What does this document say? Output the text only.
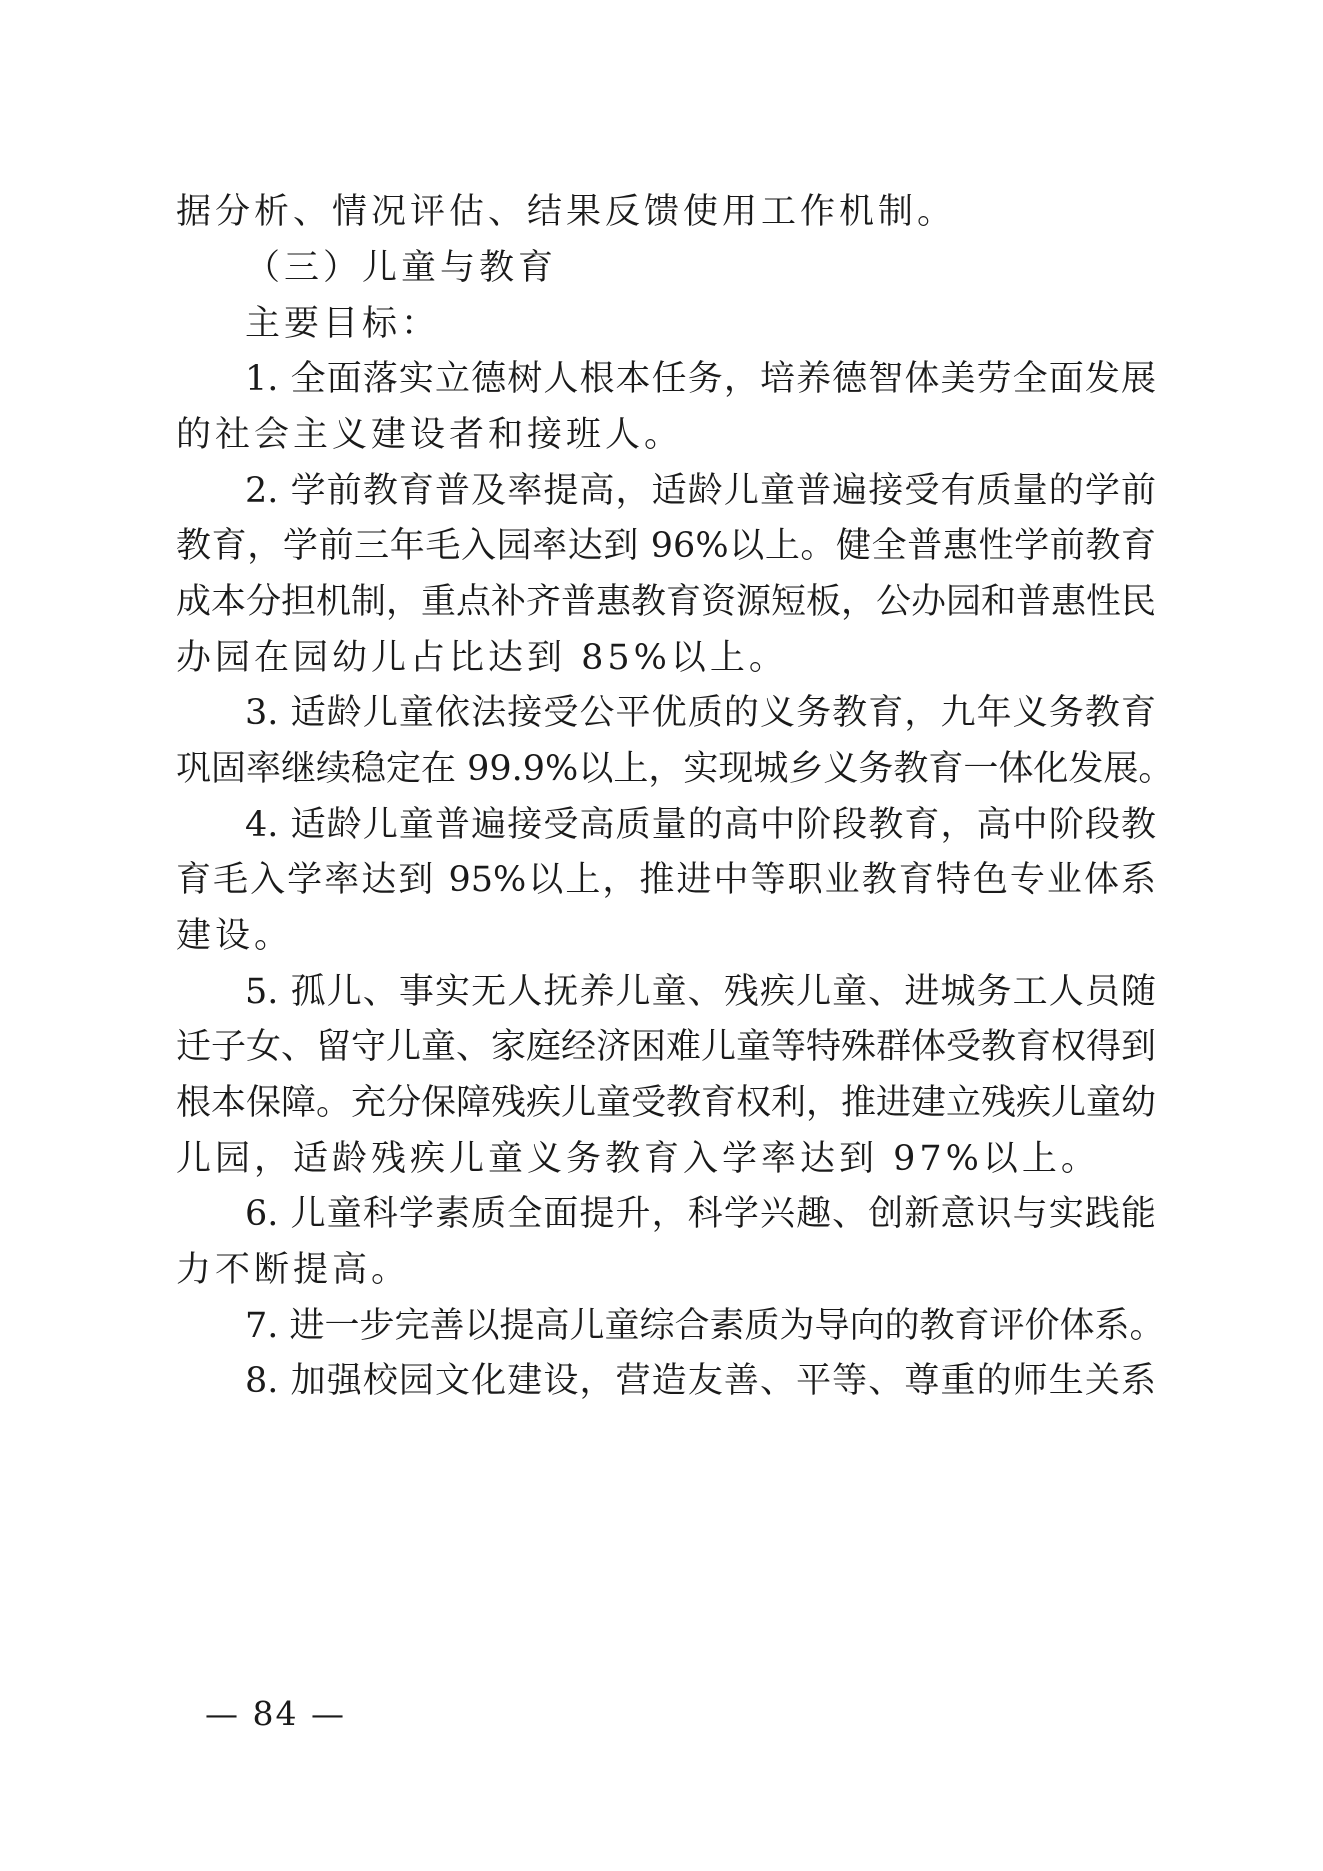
据分析、情况评估、结果反馈使用工作机制。
（三）儿童与教育
主要目标：
1. 全面落实立德树人根本任务，培养德智体美劳全面发展
的社会主义建设者和接班人。
2. 学前教育普及率提高，适龄儿童普遍接受有质量的学前
教育，学前三年毛入园率达到 96%以上。健全普惠性学前教育
成本分担机制，重点补齐普惠教育资源短板，公办园和普惠性民
办园在园幼儿占比达到 85%以上。
3. 适龄儿童依法接受公平优质的义务教育，九年义务教育
巩固率继续稳定在 99.9%以上，实现城乡义务教育一体化发展。
4. 适龄儿童普遍接受高质量的高中阶段教育，高中阶段教
育毛入学率达到 95%以上，推进中等职业教育特色专业体系
建设。
5. 孤儿、事实无人抚养儿童、残疾儿童、进城务工人员随
迁子女、留守儿童、家庭经济困难儿童等特殊群体受教育权得到
根本保障。充分保障残疾儿童受教育权利，推进建立残疾儿童幼
儿园，适龄残疾儿童义务教育入学率达到 97%以上。
6. 儿童科学素质全面提升，科学兴趣、创新意识与实践能
力不断提高。
7. 进一步完善以提高儿童综合素质为导向的教育评价体系。
8. 加强校园文化建设，营造友善、平等、尊重的师生关系
— 84 —
